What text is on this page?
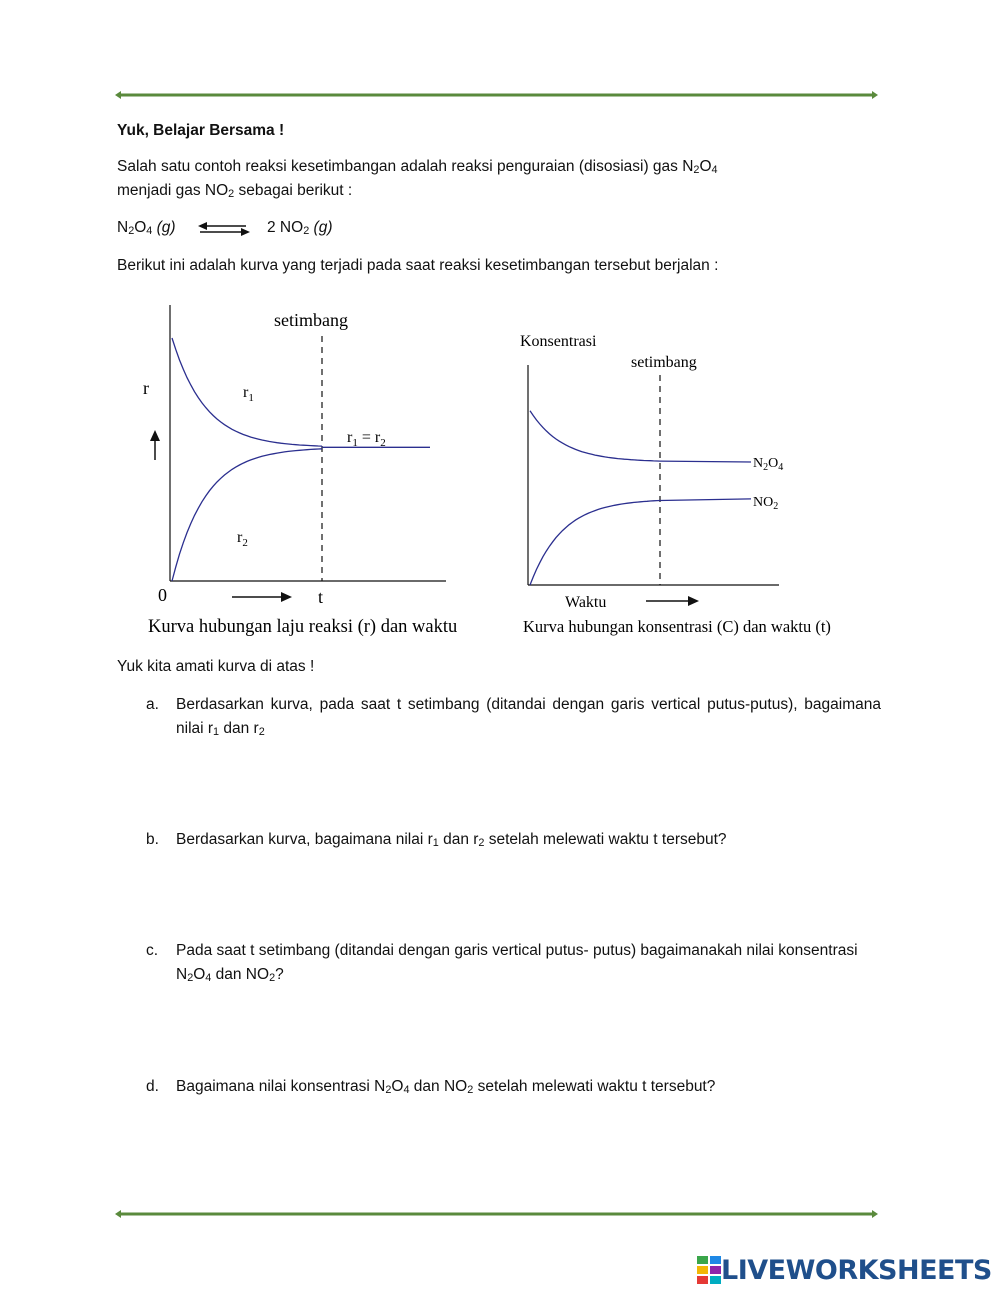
Yuk, Belajar Bersama !
Salah satu contoh reaksi kesetimbangan adalah reaksi penguraian (disosiasi) gas $N_2O_4$
menjadi gas $NO_2$ sebagai berikut :
$N_2O_4$ (g) ⇌ 2 $NO_2$ (g)
Berikut ini adalah kurva yang terjadi pada saat reaksi kesetimbangan tersebut berjalan :
setimbang
r	$r_1$
$r_2$
$r_1 = r_2$
0	t
Kurva hubungan laju reaksi (r) dan waktu
Konsentrasi
setimbang
$N_2O_4$
$NO_2$
Waktu
Kurva hubungan konsentrasi (C) dan waktu (t)
Yuk kita amati kurva di atas !
a. Berdasarkan kurva, pada saat t setimbang (ditandai dengan garis vertical putus-putus), bagaimana nilai $r_1$ dan $r_2$
b. Berdasarkan kurva, bagaimana nilai $r_1$ dan $r_2$ setelah melewati waktu t tersebut?
c. Pada saat t setimbang (ditandai dengan garis vertical putus- putus) bagaimanakah nilai konsentrasi $N_2O_4$ dan $NO_2$?
d. Bagaimana nilai konsentrasi $N_2O_4$ dan $NO_2$ setelah melewati waktu t tersebut?
LIVEWORKSHEETS
